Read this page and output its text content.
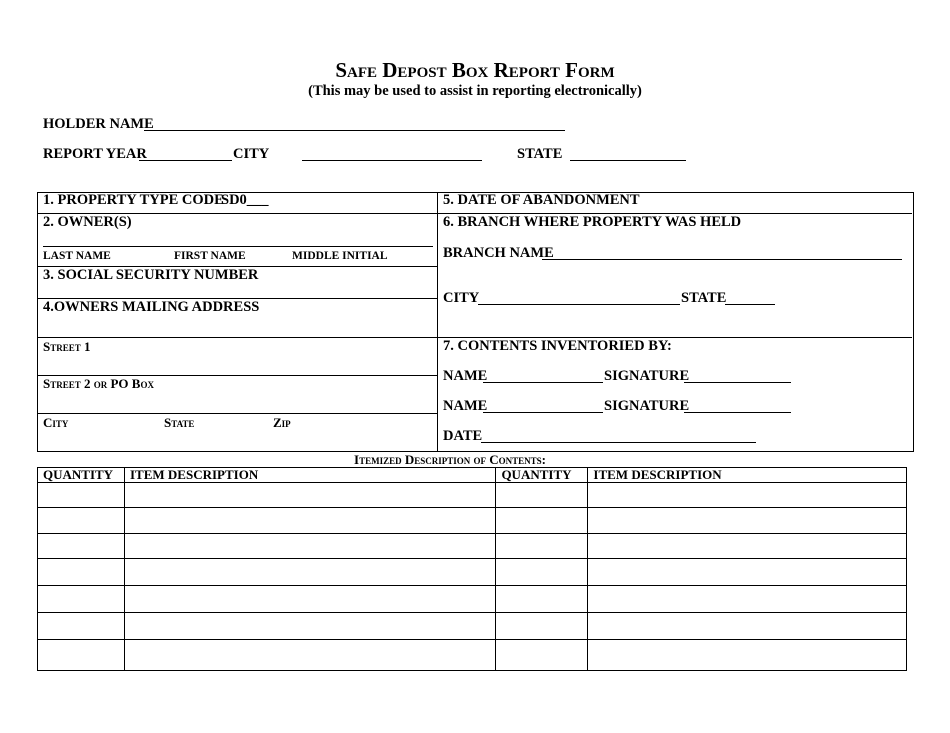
Safe Depost Box Report Form
(This may be used to assist in reporting electronically)
HOLDER NAME
REPORT YEAR	CITY	STATE
1. PROPERTY TYPE CODE
SD0___
2. OWNER(S)
LAST NAME	FIRST NAME	MIDDLE INITIAL
3. SOCIAL SECURITY NUMBER
4.OWNERS MAILING ADDRESS
Street 1
Street 2 or PO Box
City	State	Zip
5. DATE OF ABANDONMENT
6. BRANCH WHERE PROPERTY WAS HELD
BRANCH NAME
CITY	STATE
7. CONTENTS INVENTORIED BY:
NAME	SIGNATURE
NAME	SIGNATURE
DATE
Itemized Description of Contents:
QUANTITY	ITEM DESCRIPTION	QUANTITY	ITEM DESCRIPTION
